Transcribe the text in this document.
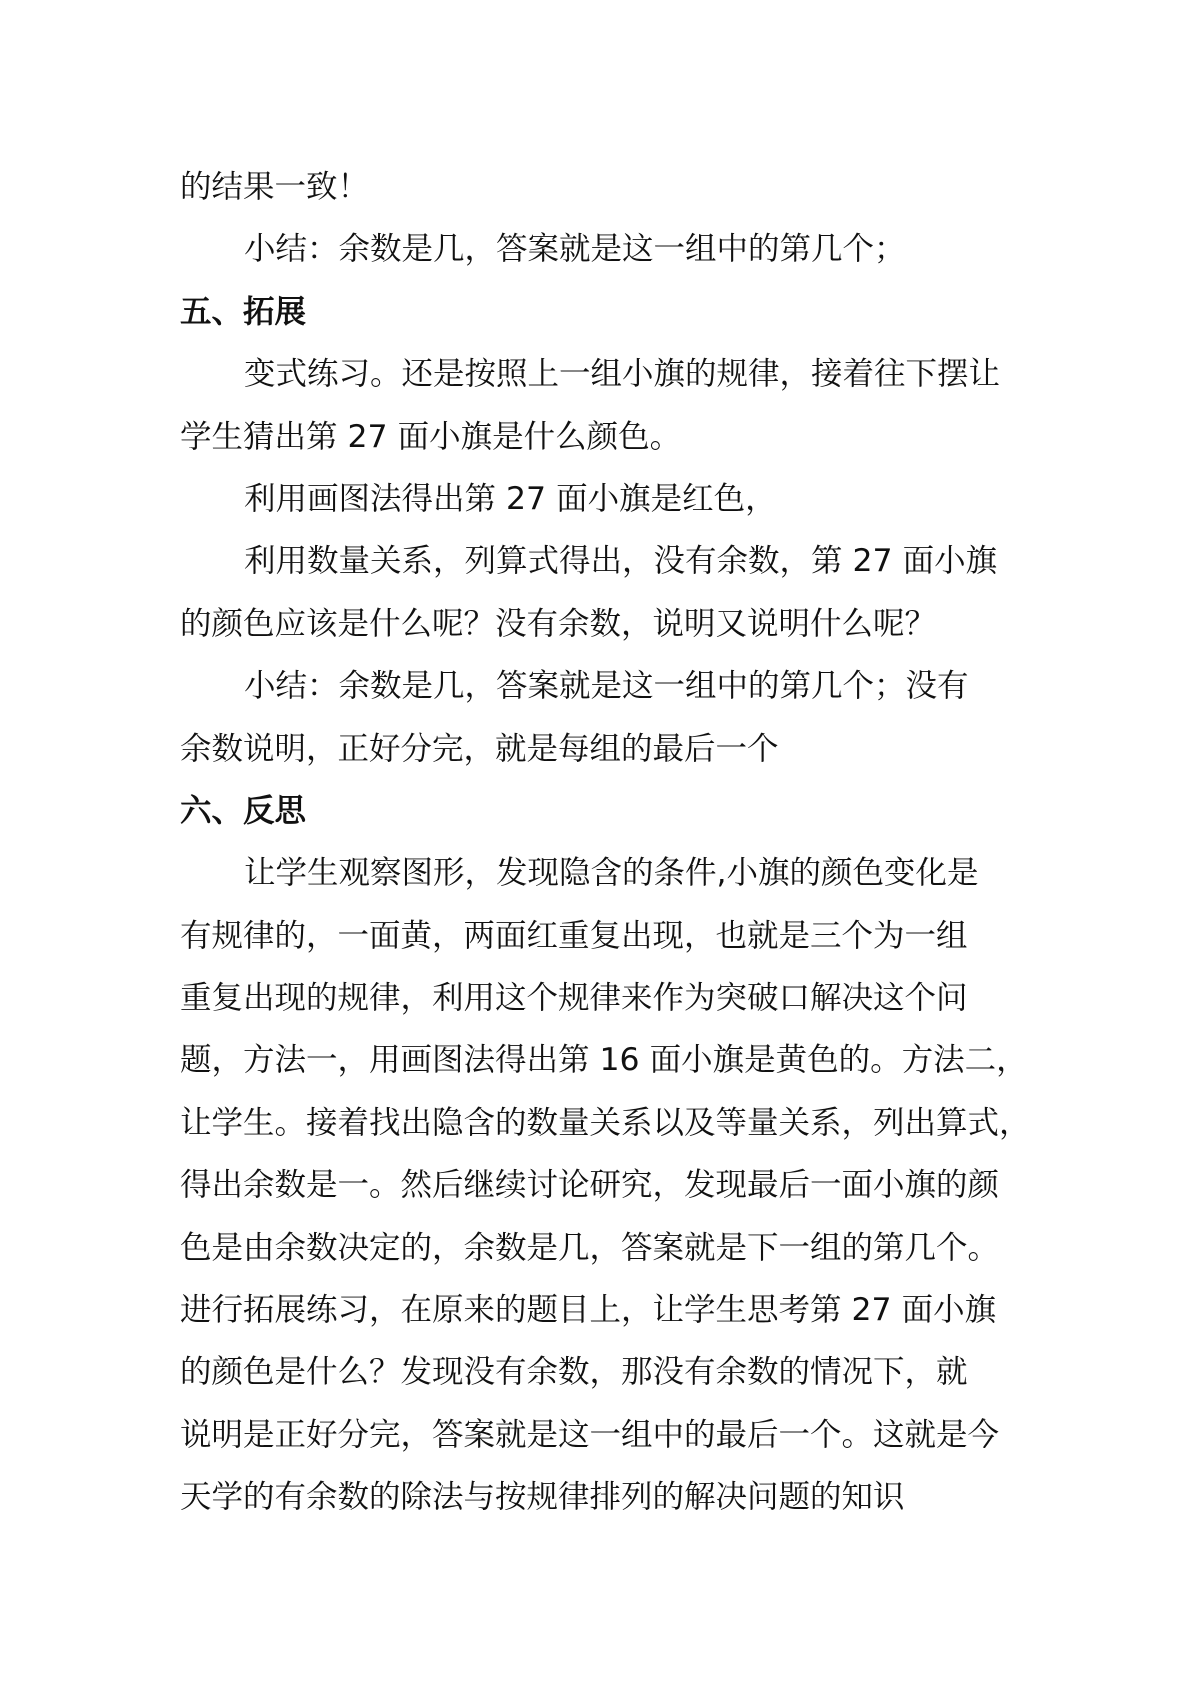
的结果一致！
小结：余数是几，答案就是这一组中的第几个；
五、拓展
变式练习。还是按照上一组小旗的规律，接着往下摆让
学生猜出第 27 面小旗是什么颜色。
利用画图法得出第 27 面小旗是红色，
利用数量关系，列算式得出，没有余数，第 27 面小旗
的颜色应该是什么呢？没有余数，说明又说明什么呢？
小结：余数是几，答案就是这一组中的第几个；没有
余数说明，正好分完，就是每组的最后一个
六、反思
让学生观察图形，发现隐含的条件,小旗的颜色变化是
有规律的，一面黄，两面红重复出现，也就是三个为一组
重复出现的规律，利用这个规律来作为突破口解决这个问
题，方法一，用画图法得出第 16 面小旗是黄色的。方法二，
让学生。接着找出隐含的数量关系以及等量关系，列出算式，
得出余数是一。然后继续讨论研究，发现最后一面小旗的颜
色是由余数决定的，余数是几，答案就是下一组的第几个。
进行拓展练习，在原来的题目上，让学生思考第 27 面小旗
的颜色是什么？发现没有余数，那没有余数的情况下，就
说明是正好分完，答案就是这一组中的最后一个。这就是今
天学的有余数的除法与按规律排列的解决问题的知识
